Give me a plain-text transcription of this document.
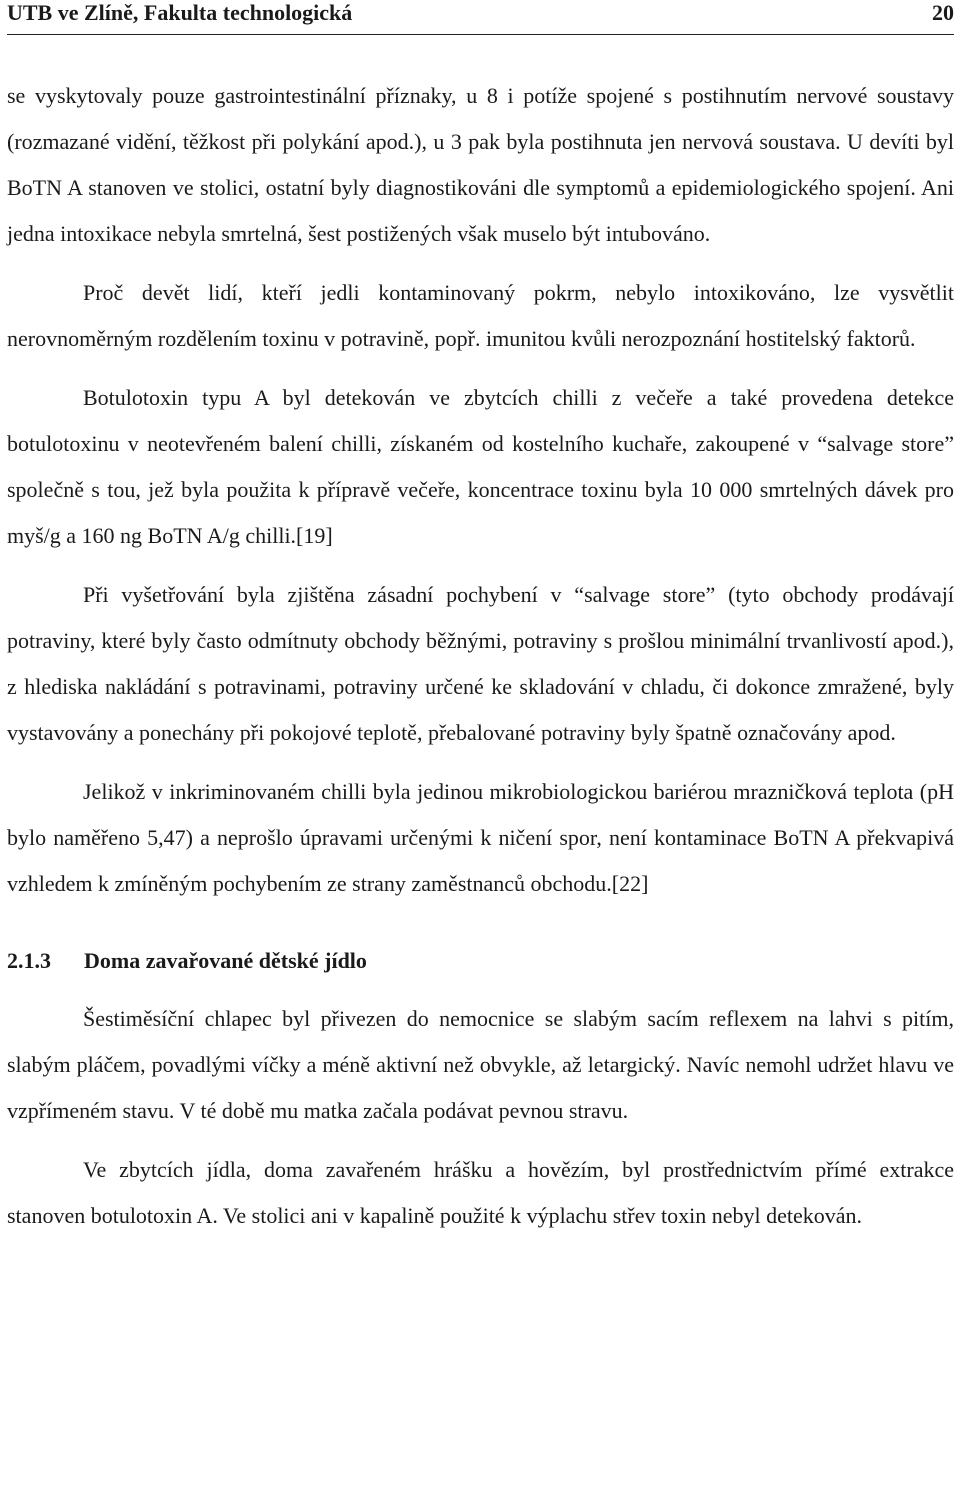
UTB ve Zlíně, Fakulta technologická	20

se vyskytovaly pouze gastrointestinální příznaky, u 8 i potíže spojené s postihnutím nervové soustavy (rozmazané vidění, těžkost při polykání apod.), u 3 pak byla postihnuta jen nervová soustava. U devíti byl BoTN A stanoven ve stolici, ostatní byly diagnostikováni dle symptomů a epidemiologického spojení. Ani jedna intoxikace nebyla smrtelná, šest postižených však muselo být intubováno.

Proč devět lidí, kteří jedli kontaminovaný pokrm, nebylo intoxikováno, lze vysvětlit nerovnoměrným rozdělením toxinu v potravině, popř. imunitou kvůli nerozpoznání hostitelský faktorů.

Botulotoxin typu A byl detekován ve zbytcích chilli z večeře a také provedena detekce botulotoxinu v neotevřeném balení chilli, získaném od kostelního kuchaře, zakoupené v “salvage store” společně s tou, jež byla použita k přípravě večeře, koncentrace toxinu byla 10 000 smrtelných dávek pro myš/g a 160 ng BoTN A/g chilli.[19]

Při vyšetřování byla zjištěna zásadní pochybení v “salvage store” (tyto obchody prodávají potraviny, které byly často odmítnuty obchody běžnými, potraviny s prošlou minimální trvanlivostí apod.), z hlediska nakládání s potravinami, potraviny určené ke skladování v chladu, či dokonce zmražené, byly vystavovány a ponechány při pokojové teplotě, přebalované potraviny byly špatně označovány apod.

Jelikož v inkriminovaném chilli byla jedinou mikrobiologickou bariérou mrazničková teplota (pH bylo naměřeno 5,47) a neprošlo úpravami určenými k ničení spor, není kontaminace BoTN A překvapivá vzhledem k zmíněným pochybením ze strany zaměstnanců obchodu.[22]

2.1.3 Doma zavařované dětské jídlo

Šestiměsíční chlapec byl přivezen do nemocnice se slabým sacím reflexem na lahvi s pitím, slabým pláčem, povadlými víčky a méně aktivní než obvykle, až letargický. Navíc nemohl udržet hlavu ve vzpřímeném stavu. V té době mu matka začala podávat pevnou stravu.

Ve zbytcích jídla, doma zavařeném hrášku a hovězím, byl prostřednictvím přímé extrakce stanoven botulotoxin A. Ve stolici ani v kapalině použité k výplachu střev toxin nebyl detekován.
